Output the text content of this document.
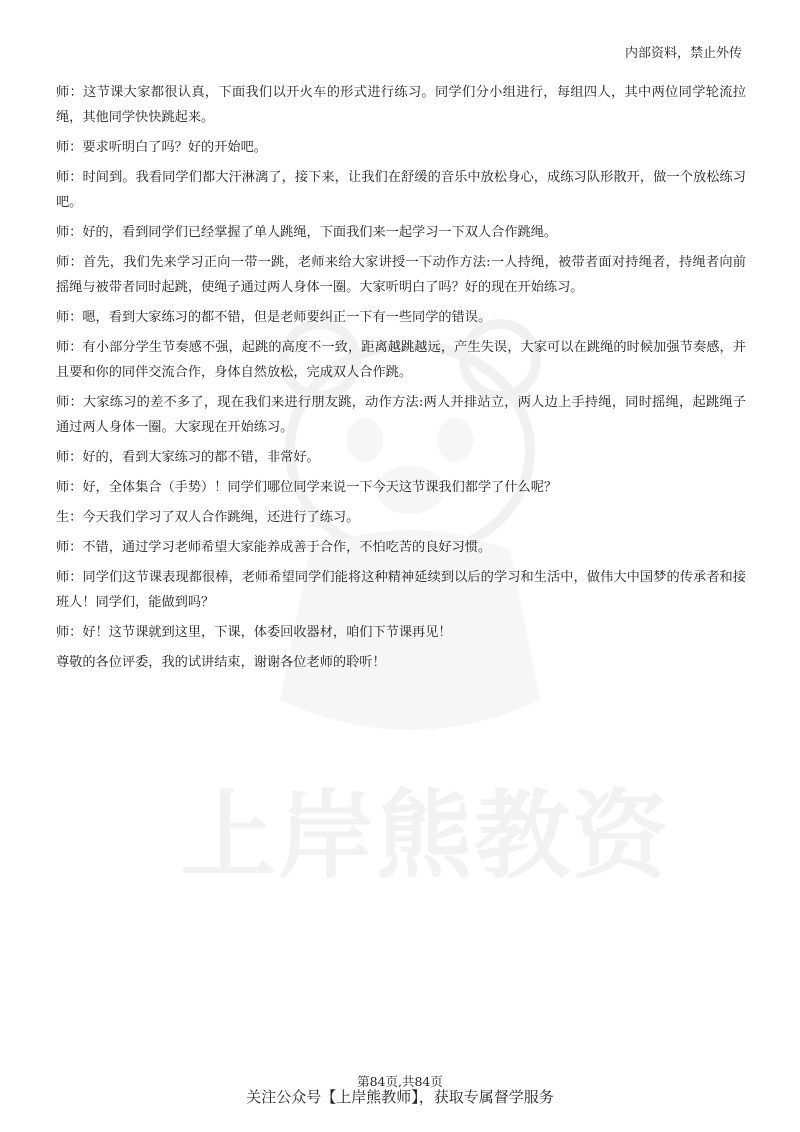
上岸熊教资
内部资料，禁止外传

师：这节课大家都很认真，下面我们以开火车的形式进行练习。同学们分小组进行，每组四人，其中两位同学轮流拉绳，其他同学快快跳起来。

师：要求听明白了吗？好的开始吧。

师：时间到。我看同学们都大汗淋漓了，接下来，让我们在舒缓的音乐中放松身心，成练习队形散开，做一个放松练习吧。

师：好的，看到同学们已经掌握了单人跳绳，下面我们来一起学习一下双人合作跳绳。

师：首先，我们先来学习正向一带一跳，老师来给大家讲授一下动作方法:一人持绳，被带者面对持绳者，持绳者向前摇绳与被带者同时起跳，使绳子通过两人身体一圈。大家听明白了吗？好的现在开始练习。

师：嗯，看到大家练习的都不错，但是老师要纠正一下有一些同学的错误。

师：有小部分学生节奏感不强，起跳的高度不一致，距离越跳越远，产生失误，大家可以在跳绳的时候加强节奏感，并且要和你的同伴交流合作，身体自然放松，完成双人合作跳。

师：大家练习的差不多了，现在我们来进行朋友跳，动作方法:两人并排站立，两人边上手持绳，同时摇绳，起跳绳子通过两人身体一圈。大家现在开始练习。

师：好的，看到大家练习的都不错，非常好。

师：好，全体集合（手势）！同学们哪位同学来说一下今天这节课我们都学了什么呢？

生：今天我们学习了双人合作跳绳，还进行了练习。

师：不错，通过学习老师希望大家能养成善于合作，不怕吃苦的良好习惯。

师：同学们这节课表现都很棒，老师希望同学们能将这种精神延续到以后的学习和生活中，做伟大中国梦的传承者和接班人！同学们，能做到吗？

师：好！这节课就到这里，下课，体委回收器材，咱们下节课再见！

尊敬的各位评委，我的试讲结束，谢谢各位老师的聆听！

第84页,共84页
关注公众号【上岸熊教师】，获取专属督学服务
